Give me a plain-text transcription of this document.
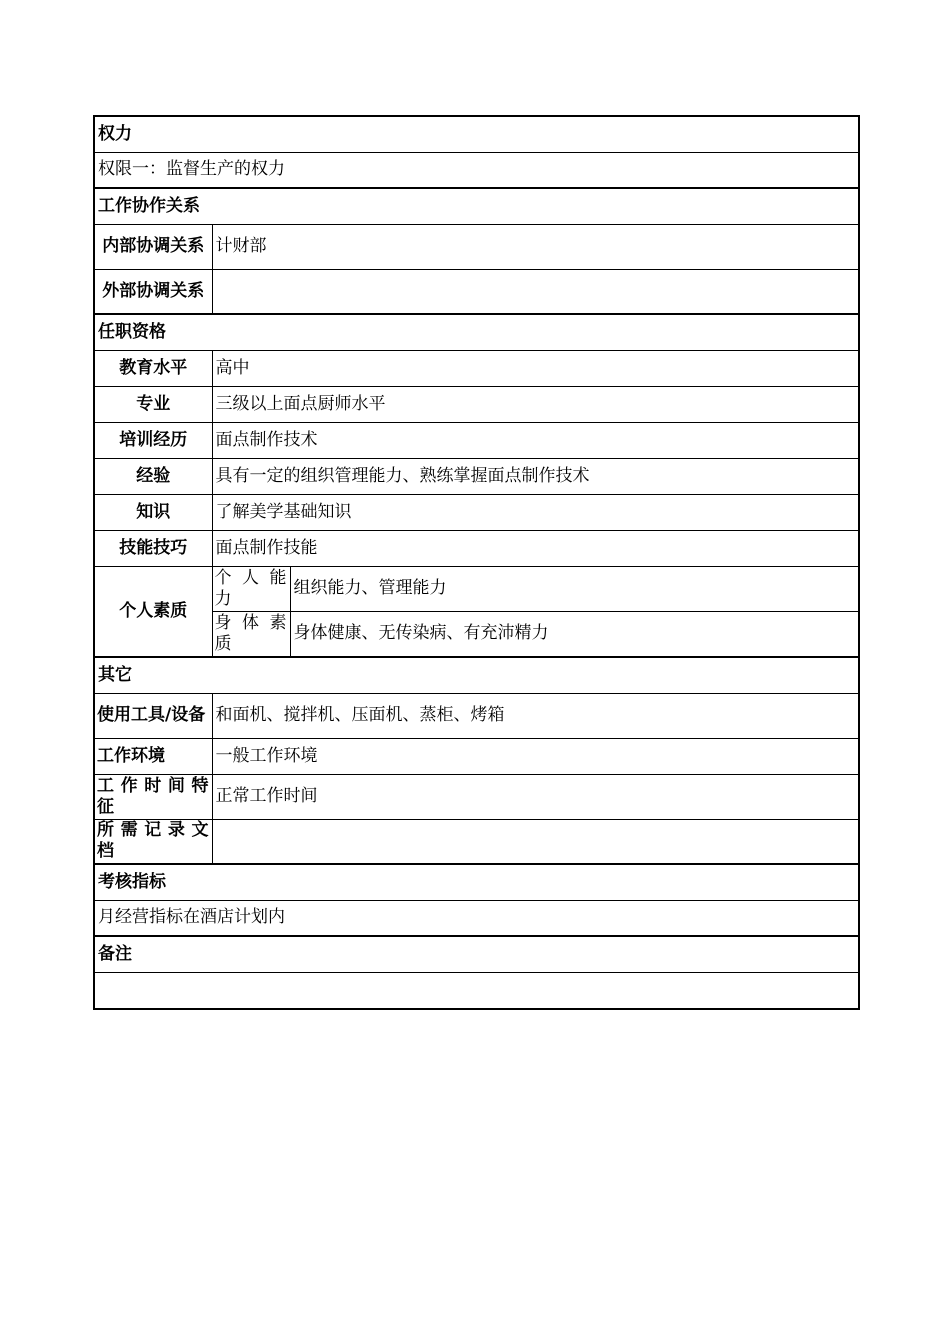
权力		
权限一：监督生产的权力		
工作协作关系		
内部协调关系	计财部	
外部协调关系		
任职资格		
教育水平	高中	
专业	三级以上面点厨师水平	
培训经历	面点制作技术	
经验	具有一定的组织管理能力、熟练掌握面点制作技术	
知识	了解美学基础知识	
技能技巧	面点制作技能	
个人素质	个 人 能力	组织能力、管理能力
	身 体 素质	身体健康、无传染病、有充沛精力
其它		
使用工具/设备	和面机、搅拌机、压面机、蒸柜、烤箱	
工作环境	一般工作环境	
工 作 时 间 特征	正常工作时间	
所 需 记 录 文档		
考核指标		
月经营指标在酒店计划内		
备注		
